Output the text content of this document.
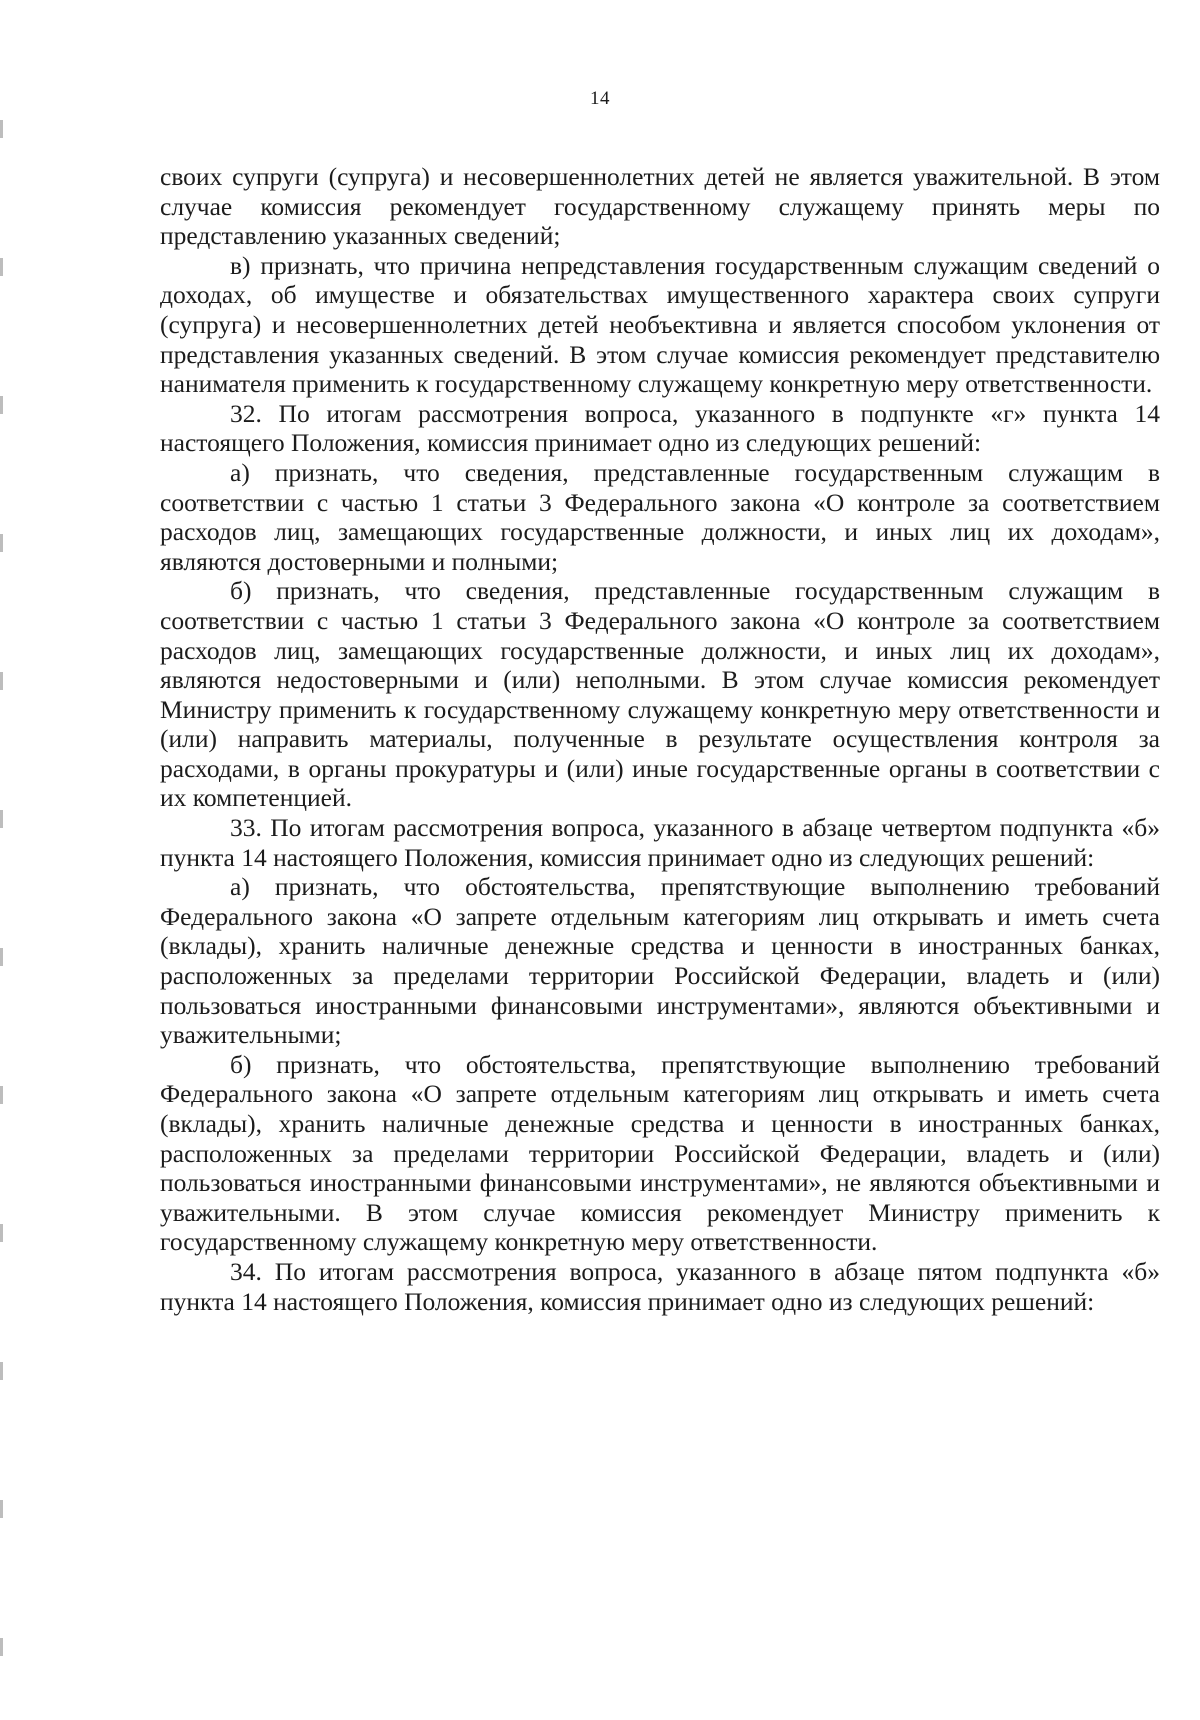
14

своих супруги (супруга) и несовершеннолетних детей не является уважительной. В этом случае комиссия рекомендует государственному служащему принять меры по представлению указанных сведений;

в) признать, что причина непредставления государственным служащим сведений о доходах, об имуществе и обязательствах имущественного характера своих супруги (супруга) и несовершеннолетних детей необъективна и является способом уклонения от представления указанных сведений. В этом случае комиссия рекомендует представителю нанимателя применить к государственному служащему конкретную меру ответственности.

32. По итогам рассмотрения вопроса, указанного в подпункте «г» пункта 14 настоящего Положения, комиссия принимает одно из следующих решений:

а) признать, что сведения, представленные государственным служащим в соответствии с частью 1 статьи 3 Федерального закона «О контроле за соответствием расходов лиц, замещающих государственные должности, и иных лиц их доходам», являются достоверными и полными;

б) признать, что сведения, представленные государственным служащим в соответствии с частью 1 статьи 3 Федерального закона «О контроле за соответствием расходов лиц, замещающих государственные должности, и иных лиц их доходам», являются недостоверными и (или) неполными. В этом случае комиссия рекомендует Министру применить к государственному служащему конкретную меру ответственности и (или) направить материалы, полученные в результате осуществления контроля за расходами, в органы прокуратуры и (или) иные государственные органы в соответствии с их компетенцией.

33. По итогам рассмотрения вопроса, указанного в абзаце четвертом подпункта «б» пункта 14 настоящего Положения, комиссия принимает одно из следующих решений:

а) признать, что обстоятельства, препятствующие выполнению требований Федерального закона «О запрете отдельным категориям лиц открывать и иметь счета (вклады), хранить наличные денежные средства и ценности в иностранных банках, расположенных за пределами территории Российской Федерации, владеть и (или) пользоваться иностранными финансовыми инструментами», являются объективными и уважительными;

б) признать, что обстоятельства, препятствующие выполнению требований Федерального закона «О запрете отдельным категориям лиц открывать и иметь счета (вклады), хранить наличные денежные средства и ценности в иностранных банках, расположенных за пределами территории Российской Федерации, владеть и (или) пользоваться иностранными финансовыми инструментами», не являются объективными и уважительными. В этом случае комиссия рекомендует Министру применить к государственному служащему конкретную меру ответственности.

34. По итогам рассмотрения вопроса, указанного в абзаце пятом подпункта «б» пункта 14 настоящего Положения, комиссия принимает одно из следующих решений:
